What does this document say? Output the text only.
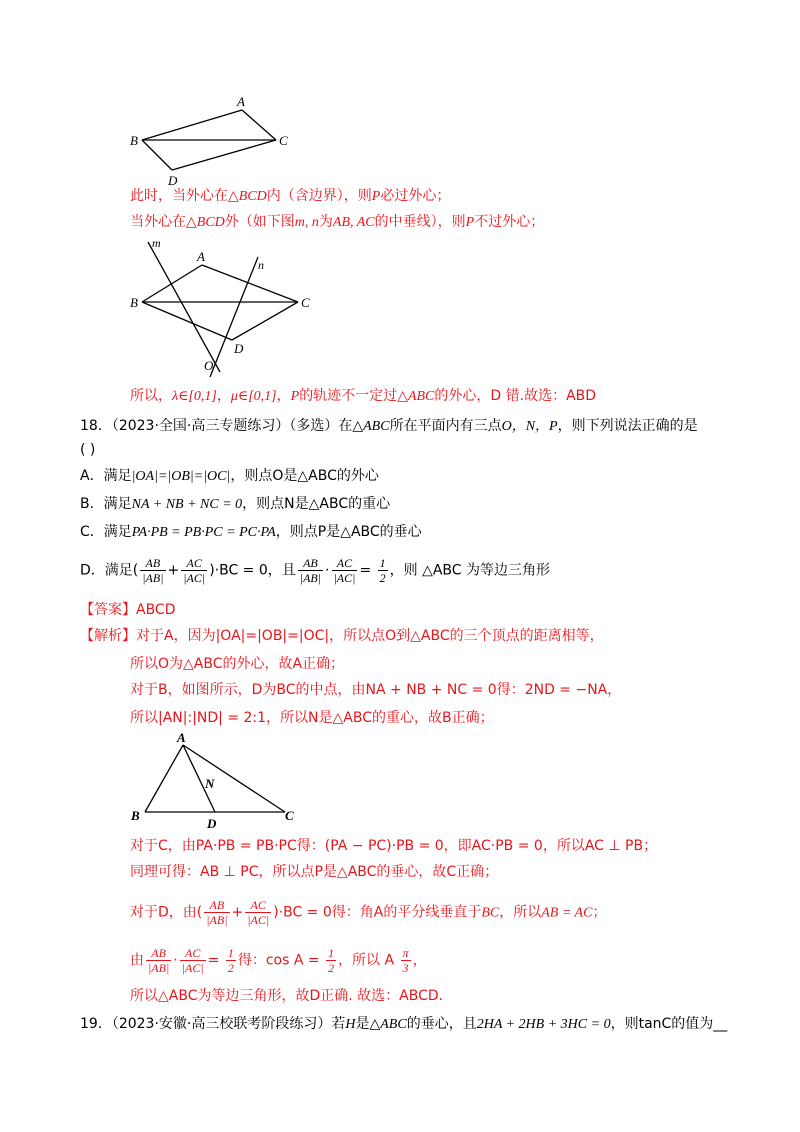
A
B	C
D
此时，当外心在△BCD内（含边界），则P必过外心；
当外心在△BCD外（如下图m, n为AB, AC的中垂线），则P不过外心；
m
n
A
B	C
D
O
所以，λ∈[0,1]，μ∈[0,1]，P的轨迹不一定过△ABC的外心，D 错.故选：ABD
18．（2023·全国·高三专题练习）（多选）在△ABC所在平面内有三点O，N，P，则下列说法正确的是
( )
A．满足|OA|=|OB|=|OC|，则点O是△ABC的外心
B．满足NA + NB + NC = 0，则点N是△ABC的重心
C．满足PA·PB = PB·PC = PC·PA，则点P是△ABC的垂心
D．满足( $\frac{AB}{|AB|} + \frac{AC}{|AC|} )\cdot BC = 0$，且 $\frac{AB}{|AB|} \cdot \frac{AC}{|AC|} = \frac{1}{2}$ ，则 △ABC 为等边三角形
【答案】ABCD
【解析】对于A，因为|OA|=|OB|=|OC|，所以点O到△ABC的三个顶点的距离相等，
所以O为△ABC的外心，故A正确；
对于B，如图所示，D为BC的中点，由NA + NB + NC = 0得：2ND = −NA，
所以|AN|:|ND| = 2:1，所以N是△ABC的重心，故B正确；
A
N
B
D
C
对于C，由PA·PB = PB·PC得：(PA − PC)·PB = 0，即AC·PB = 0，所以AC ⊥ PB；
同理可得：AB ⊥ PC，所以点P是△ABC的垂心，故C正确；
对于D，由( $\frac{AB}{|AB|} + \frac{AC}{|AC|} )\cdot BC = 0$得：角A的平分线垂直于BC，所以AB = AC；
由 $\frac{AB}{|AB|} \cdot \frac{AC}{|AC|} = \frac{1}{2}$ 得：$\cos A = \frac{1}{2}$ ，所以 A $\frac{\pi}{3}$ ，
所以△ABC为等边三角形，故D正确. 故选：ABCD.
19．（2023·安徽·高三校联考阶段练习）若H是△ABC的垂心，且2HA + 2HB + 3HC = 0，则tanC的值为__
